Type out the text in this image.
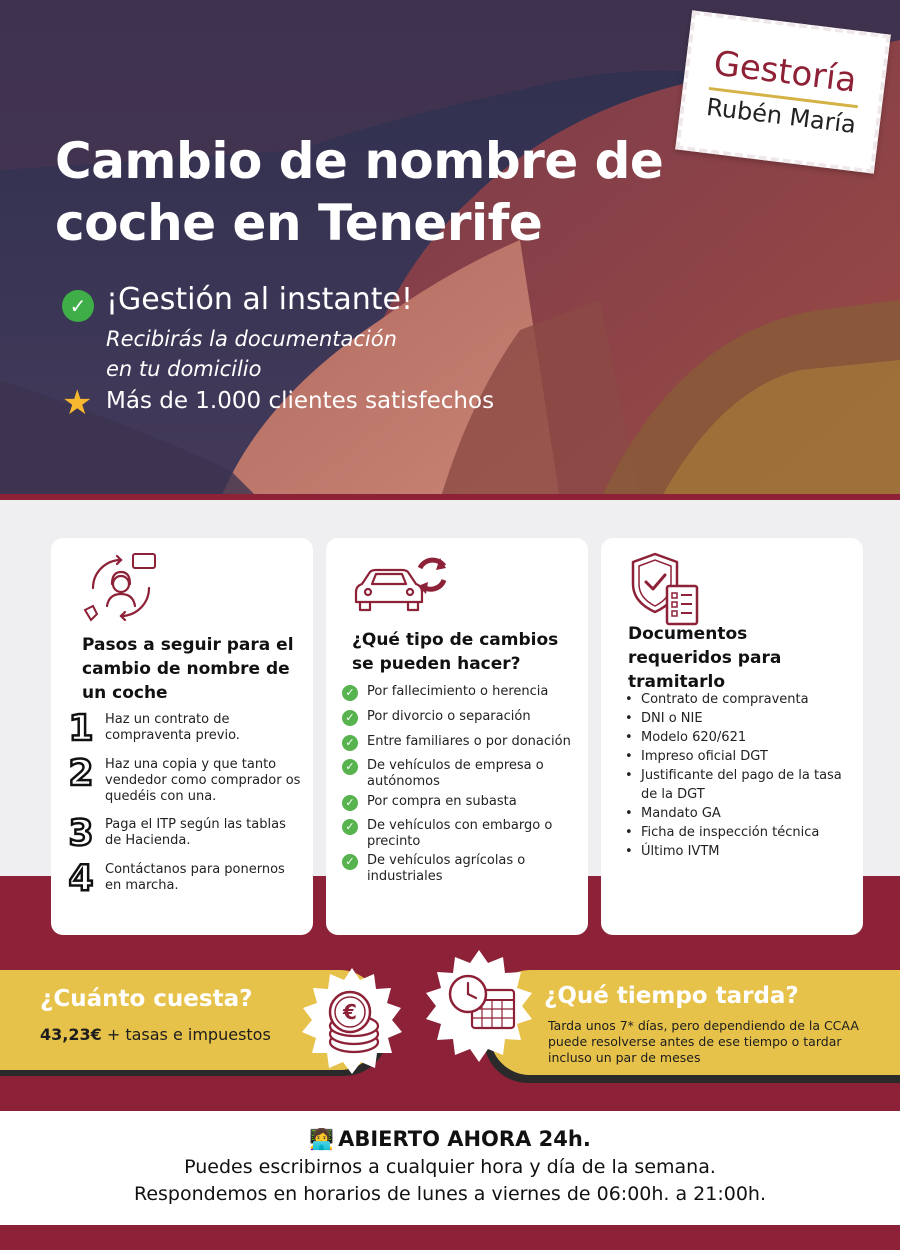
Cambio de nombre de coche en Tenerife
✓ ¡Gestión al instante!
Recibirás la documentación
en tu domicilio
★ Más de 1.000 clientes satisfechos
Gestoría
Rubén María
Pasos a seguir para el cambio de nombre de un coche
1 Haz un contrato de compraventa previo.
2 Haz una copia y que tanto vendedor como comprador os quedéis con una.
3 Paga el ITP según las tablas de Hacienda.
4 Contáctanos para ponernos en marcha.
¿Qué tipo de cambios se pueden hacer?
✓ Por fallecimiento o herencia
✓ Por divorcio o separación
✓ Entre familiares o por donación
✓ De vehículos de empresa o autónomos
✓ Por compra en subasta
✓ De vehículos con embargo o precinto
✓ De vehículos agrícolas o industriales
Documentos requeridos para tramitarlo
• Contrato de compraventa
• DNI o NIE
• Modelo 620/621
• Impreso oficial DGT
• Justificante del pago de la tasa de la DGT
• Mandato GA
• Ficha de inspección técnica
• Último IVTM
¿Cuánto cuesta?
43,23€ + tasas e impuestos
¿Qué tiempo tarda?
Tarda unos 7* días, pero dependiendo de la CCAA puede resolverse antes de ese tiempo o tardar incluso un par de meses
€
👩‍💻 ABIERTO AHORA 24h.
Puedes escribirnos a cualquier hora y día de la semana.
Respondemos en horarios de lunes a viernes de 06:00h. a 21:00h.
